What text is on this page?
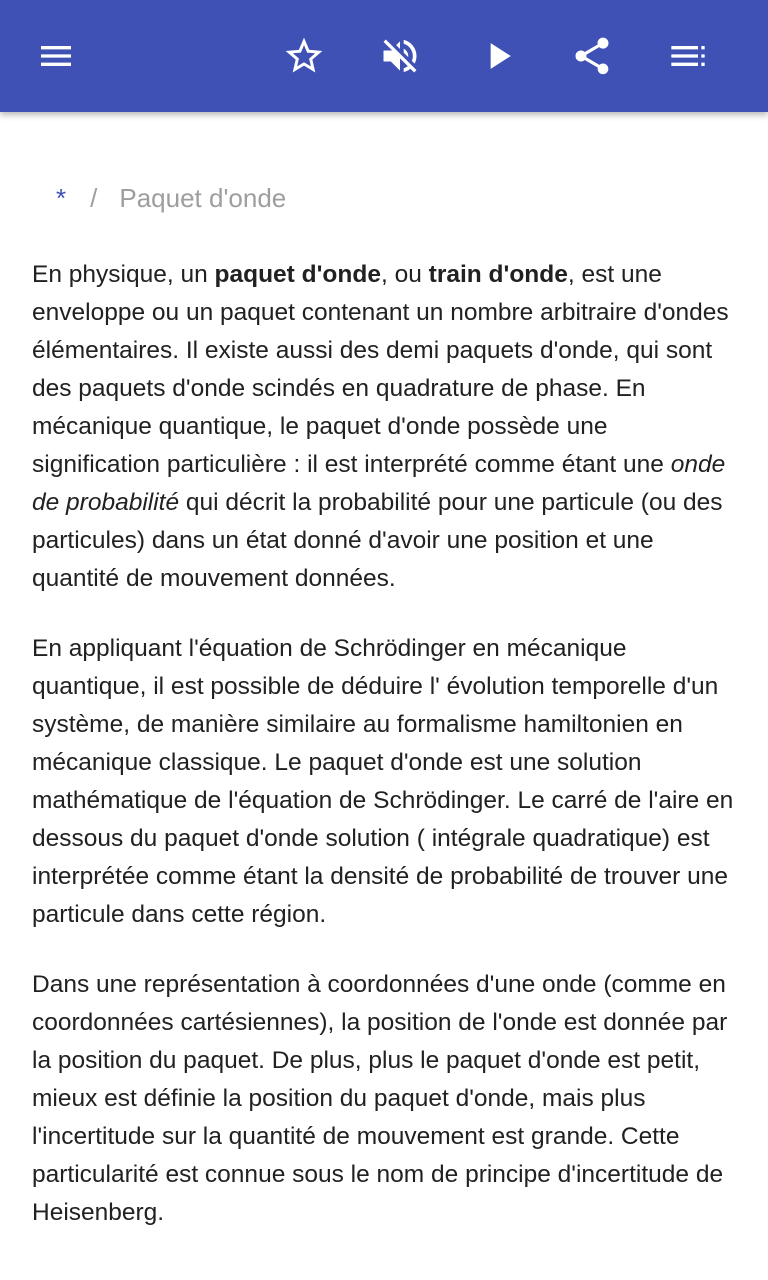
* / Paquet d'onde

En physique, un paquet d'onde, ou train d'onde, est une enveloppe ou un paquet contenant un nombre arbitraire d'ondes élémentaires. Il existe aussi des demi paquets d'onde, qui sont des paquets d'onde scindés en quadrature de phase. En mécanique quantique, le paquet d'onde possède une signification particulière : il est interprété comme étant une onde de probabilité qui décrit la probabilité pour une particule (ou des particules) dans un état donné d'avoir une position et une quantité de mouvement données.

En appliquant l'équation de Schrödinger en mécanique quantique, il est possible de déduire l' évolution temporelle d'un système, de manière similaire au formalisme hamiltonien en mécanique classique. Le paquet d'onde est une solution mathématique de l'équation de Schrödinger. Le carré de l'aire en dessous du paquet d'onde solution ( intégrale quadratique) est interprétée comme étant la densité de probabilité de trouver une particule dans cette région.

Dans une représentation à coordonnées d'une onde (comme en coordonnées cartésiennes), la position de l'onde est donnée par la position du paquet. De plus, plus le paquet d'onde est petit, mieux est définie la position du paquet d'onde, mais plus l'incertitude sur la quantité de mouvement est grande. Cette particularité est connue sous le nom de principe d'incertitude de Heisenberg.
